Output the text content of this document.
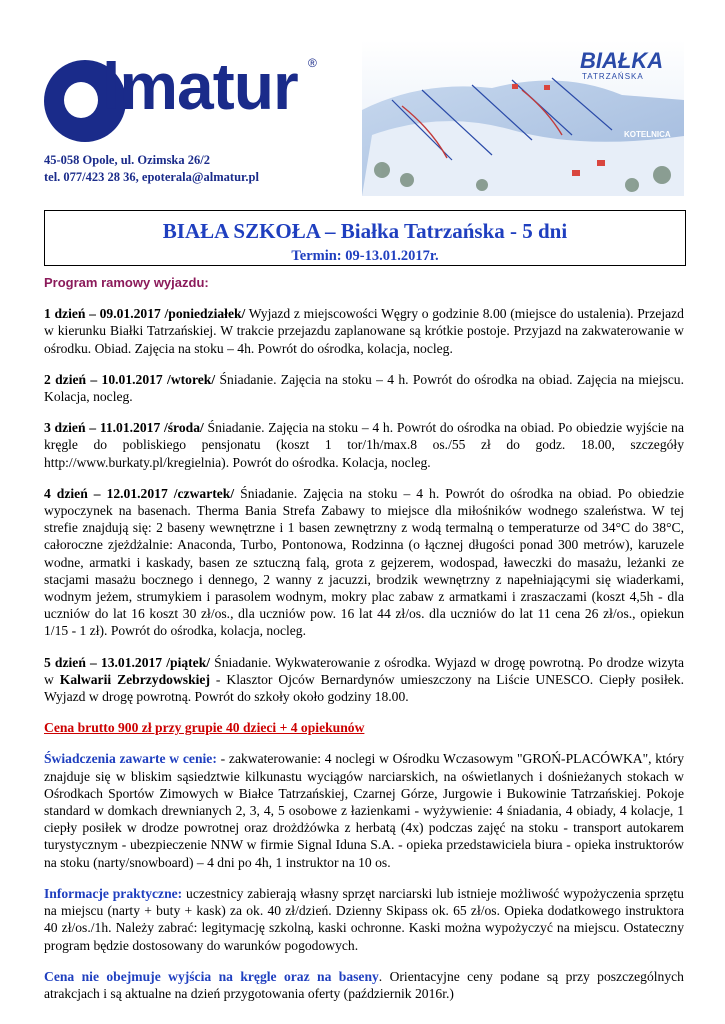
lmatur ®
45-058 Opole, ul. Ozimska 26/2
tel. 077/423 28 36, epoterala@almatur.pl
BIAŁKA
TATRZAŃSKA
KOTELNICA
BIAŁA SZKOŁA – Białka Tatrzańska - 5 dni
Termin: 09-13.01.2017r.

Program ramowy wyjazdu:

1 dzień – 09.01.2017 /poniedziałek/ Wyjazd z miejscowości Węgry o godzinie 8.00 (miejsce do ustalenia). Przejazd w kierunku Białki Tatrzańskiej. W trakcie przejazdu zaplanowane są krótkie postoje. Przyjazd na zakwaterowanie w ośrodku. Obiad. Zajęcia na stoku – 4h. Powrót do ośrodka, kolacja, nocleg.

2 dzień – 10.01.2017 /wtorek/ Śniadanie. Zajęcia na stoku – 4 h. Powrót do ośrodka na obiad. Zajęcia na miejscu. Kolacja, nocleg.

3 dzień – 11.01.2017 /środa/ Śniadanie. Zajęcia na stoku – 4 h. Powrót do ośrodka na obiad. Po obiedzie wyjście na kręgle do pobliskiego pensjonatu (koszt 1 tor/1h/max.8 os./55 zł do godz. 18.00, szczegóły http://www.burkaty.pl/kregielnia). Powrót do ośrodka. Kolacja, nocleg.

4 dzień – 12.01.2017 /czwartek/ Śniadanie. Zajęcia na stoku – 4 h. Powrót do ośrodka na obiad. Po obiedzie wypoczynek na basenach. Therma Bania Strefa Zabawy to miejsce dla miłośników wodnego szaleństwa. W tej strefie znajdują się: 2 baseny wewnętrzne i 1 basen zewnętrzny z wodą termalną o temperaturze od 34°C do 38°C, całoroczne zjeżdżalnie: Anaconda, Turbo, Pontonowa, Rodzinna (o łącznej długości ponad 300 metrów), karuzele wodne, armatki i kaskady, basen ze sztuczną falą, grota z gejzerem, wodospad, ławeczki do masażu, leżanki ze stacjami masażu bocznego i dennego, 2 wanny z jacuzzi, brodzik wewnętrzny z napełniającymi się wiaderkami, wodnym jeżem, strumykiem i parasolem wodnym, mokry plac zabaw z armatkami i zraszaczami (koszt 4,5h - dla uczniów do lat 16 koszt 30 zł/os., dla uczniów pow. 16 lat 44 zł/os. dla uczniów do lat 11 cena 26 zł/os., opiekun 1/15 - 1 zł). Powrót do ośrodka, kolacja, nocleg.

5 dzień – 13.01.2017 /piątek/ Śniadanie. Wykwaterowanie z ośrodka. Wyjazd w drogę powrotną. Po drodze wizyta w Kalwarii Zebrzydowskiej - Klasztor Ojców Bernardynów umieszczony na Liście UNESCO. Ciepły posiłek. Wyjazd w drogę powrotną. Powrót do szkoły około godziny 18.00.

Cena brutto 900 zł przy grupie 40 dzieci + 4 opiekunów

Świadczenia zawarte w cenie: - zakwaterowanie: 4 noclegi w Ośrodku Wczasowym "GROŃ-PLACÓWKA", który znajduje się w bliskim sąsiedztwie kilkunastu wyciągów narciarskich, na oświetlanych i dośnieżanych stokach w Ośrodkach Sportów Zimowych w Białce Tatrzańskiej, Czarnej Górze, Jurgowie i Bukowinie Tatrzańskiej. Pokoje standard w domkach drewnianych 2, 3, 4, 5 osobowe z łazienkami - wyżywienie: 4 śniadania, 4 obiady, 4 kolacje, 1 ciepły posiłek w drodze powrotnej oraz drożdżówka z herbatą (4x) podczas zajęć na stoku - transport autokarem turystycznym - ubezpieczenie NNW w firmie Signal Iduna S.A. - opieka przedstawiciela biura - opieka instruktorów na stoku (narty/snowboard) – 4 dni po 4h, 1 instruktor na 10 os.

Informacje praktyczne: uczestnicy zabierają własny sprzęt narciarski lub istnieje możliwość wypożyczenia sprzętu na miejscu (narty + buty + kask) za ok. 40 zł/dzień. Dzienny Skipass ok. 65 zł/os. Opieka dodatkowego instruktora 40 zł/os./1h. Należy zabrać: legitymację szkolną, kaski ochronne. Kaski można wypożyczyć na miejscu. Ostateczny program będzie dostosowany do warunków pogodowych.

Cena nie obejmuje wyjścia na kręgle oraz na baseny. Orientacyjne ceny podane są przy poszczególnych atrakcjach i są aktualne na dzień przygotowania oferty (październik 2016r.)
